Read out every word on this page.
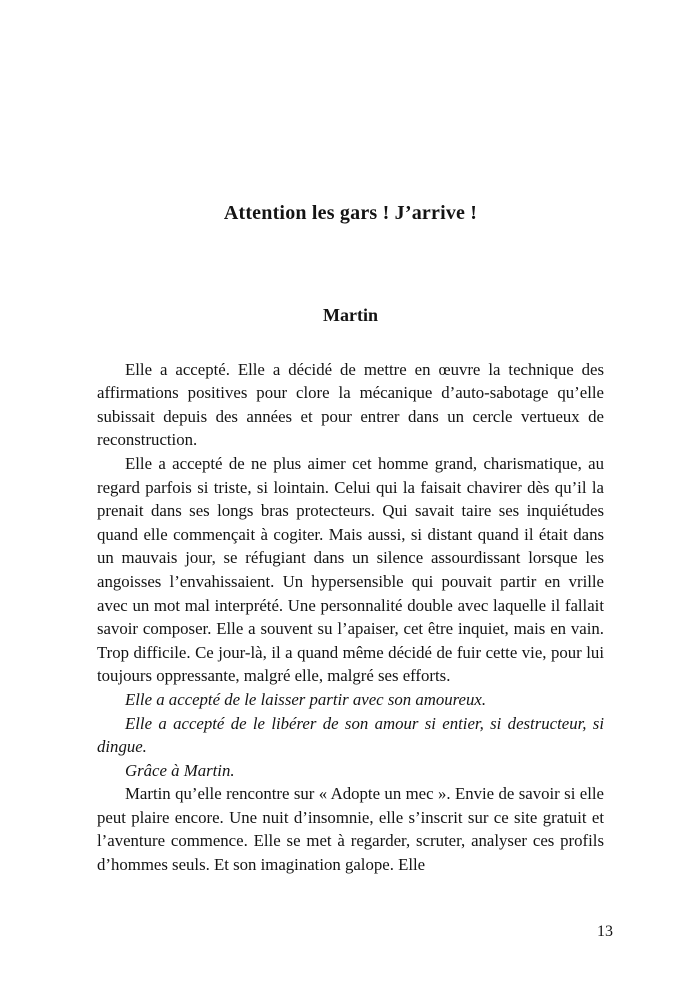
Attention les gars ! J’arrive !
Martin

Elle a accepté. Elle a décidé de mettre en œuvre la technique des affirmations positives pour clore la mécanique d’auto-sabotage qu’elle subissait depuis des années et pour entrer dans un cercle vertueux de reconstruction.

Elle a accepté de ne plus aimer cet homme grand, charismatique, au regard parfois si triste, si lointain. Celui qui la faisait chavirer dès qu’il la prenait dans ses longs bras protecteurs. Qui savait taire ses inquiétudes quand elle commençait à cogiter. Mais aussi, si distant quand il était dans un mauvais jour, se réfugiant dans un silence assourdissant lorsque les angoisses l’envahissaient. Un hypersensible qui pouvait partir en vrille avec un mot mal interprété. Une personnalité double avec laquelle il fallait savoir composer. Elle a souvent su l’apaiser, cet être inquiet, mais en vain. Trop difficile. Ce jour-là, il a quand même décidé de fuir cette vie, pour lui toujours oppressante, malgré elle, malgré ses efforts.

Elle a accepté de le laisser partir avec son amoureux.

Elle a accepté de le libérer de son amour si entier, si destructeur, si dingue.

Grâce à Martin.

Martin qu’elle rencontre sur « Adopte un mec ». Envie de savoir si elle peut plaire encore. Une nuit d’insomnie, elle s’inscrit sur ce site gratuit et l’aventure commence. Elle se met à regarder, scruter, analyser ces profils d’hommes seuls. Et son imagination galope. Elle

13
